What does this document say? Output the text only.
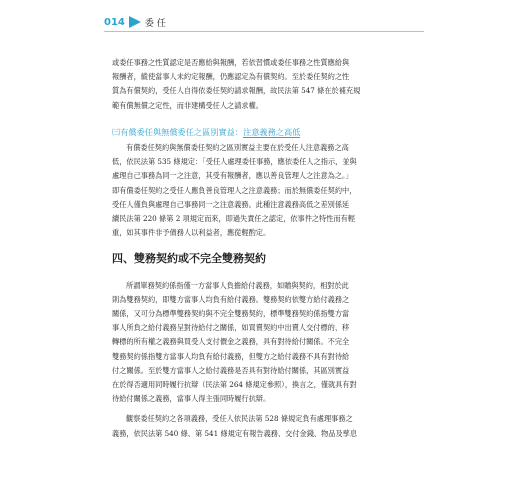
014 委任
或委任事務之性質認定是否應給與報酬，若依習慣或委任事務之性質應給與
報酬者，縱使當事人未約定報酬，仍應認定為有償契約。至於委任契約之性
質為有償契約，受任人自得依委任契約請求報酬，故民法第 547 條在於補充規
範有償無償之定性，而非建構受任人之請求權。
㈢有償委任與無償委任之區別實益：注意義務之高低
有償委任契約與無償委任契約之區別實益主要在於受任人注意義務之高
低，依民法第 535 條規定：「受任人處理委任事務，應依委任人之指示，並與
處理自己事務為同一之注意，其受有報酬者，應以善良管理人之注意為之。」
即有償委任契約之受任人應負善良管理人之注意義務；而於無償委任契約中，
受任人僅負與處理自己事務同一之注意義務。此種注意義務高低之差別係延
續民法第 220 條第 2 項規定而來，即過失責任之認定，依事件之特性而有輕
重，如其事件非予債務人以利益者，應從輕酌定。
四、雙務契約或不完全雙務契約
所謂單務契約係指僅一方當事人負擔給付義務，如贈與契約，相對於此
則為雙務契約，即雙方當事人均負有給付義務。雙務契約依雙方給付義務之
關係，又可分為標準雙務契約與不完全雙務契約，標準雙務契約係指雙方當
事人所負之給付義務呈對待給付之關係，如買賣契約中出賣人交付標的、移
轉標的所有權之義務與買受人支付價金之義務，具有對待給付關係。不完全
雙務契約係指雙方當事人均負有給付義務，但雙方之給付義務不具有對待給
付之關係。至於雙方當事人之給付義務是否具有對待給付關係，其區別實益
在於得否適用同時履行抗辯（民法第 264 條規定參照），換言之，僅就具有對
待給付關係之義務，當事人得主張同時履行抗辯。
觀察委任契約之各項義務，受任人依民法第 528 條規定負有處理事務之
義務，依民法第 540 條、第 541 條規定有報告義務、交付金錢、物品及孳息
